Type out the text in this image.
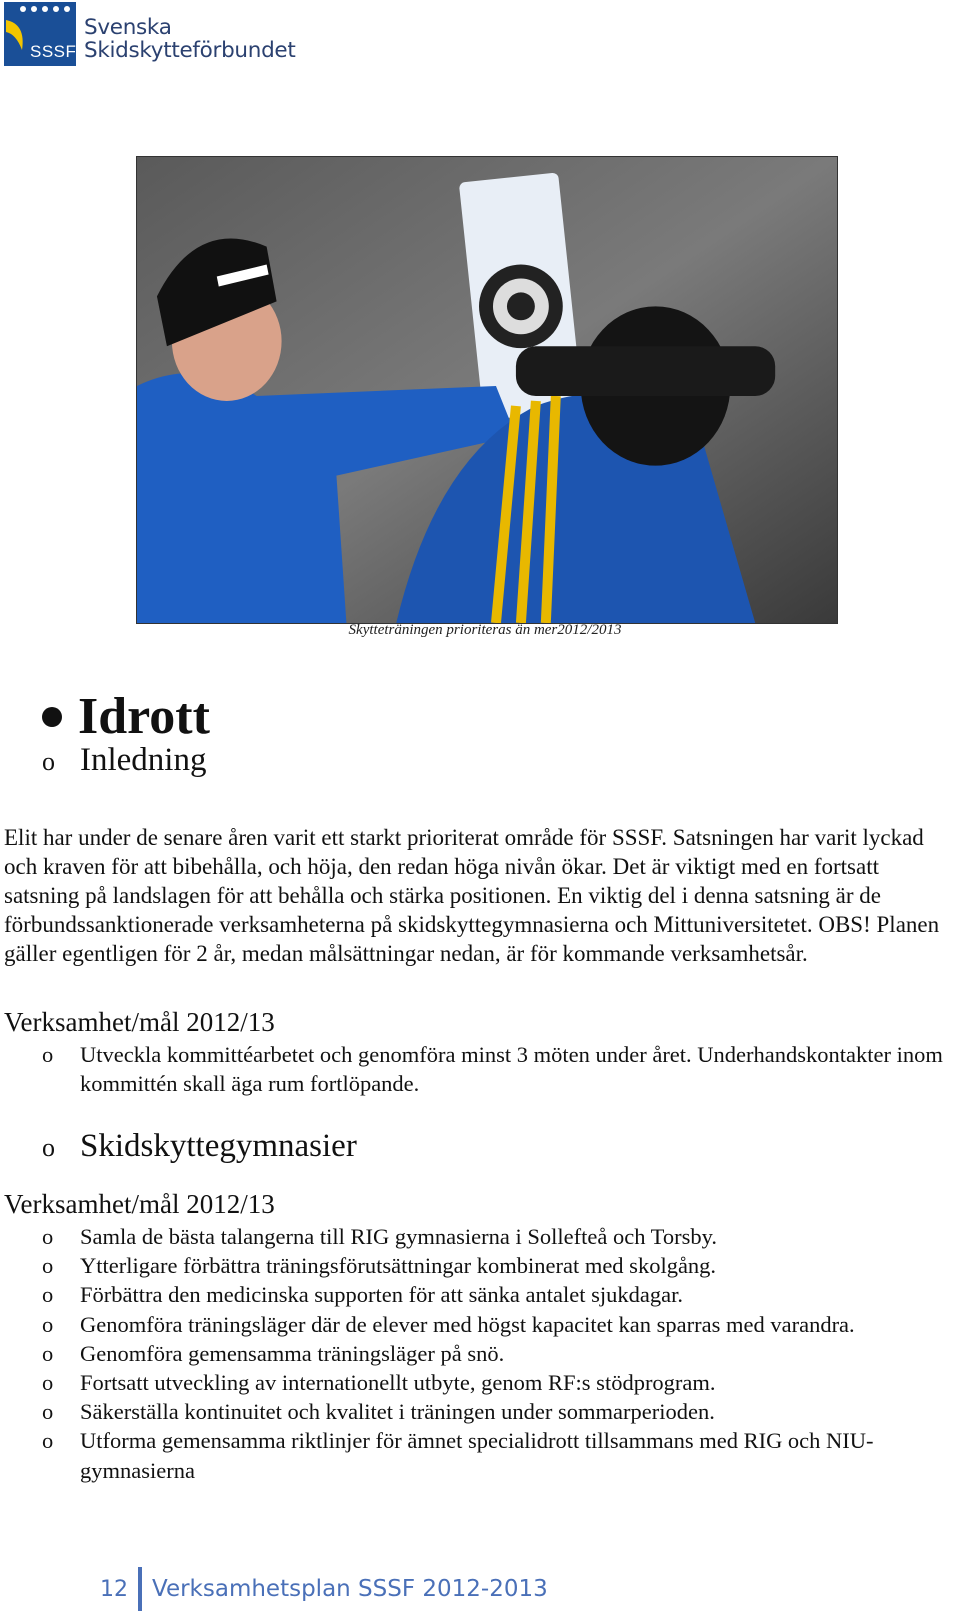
SSSF
Svenska
Skidskytteförbundet
Skytteträningen prioriteras än mer2012/2013
Idrott
o Inledning
Elit har under de senare åren varit ett starkt prioriterat område för SSSF. Satsningen har varit lyckad och kraven för att bibehålla, och höja, den redan höga nivån ökar. Det är viktigt med en fortsatt satsning på landslagen för att behålla och stärka positionen. En viktig del i denna satsning är de förbundssanktionerade verksamheterna på skidskyttegymnasierna och Mittuniversitetet. OBS! Planen gäller egentligen för 2 år, medan målsättningar nedan, är för kommande verksamhetsår.
Verksamhet/mål 2012/13
o Utveckla kommittéarbetet och genomföra minst 3 möten under året. Underhandskontakter inom kommittén skall äga rum fortlöpande.
o Skidskyttegymnasier
Verksamhet/mål 2012/13
o Samla de bästa talangerna till RIG gymnasierna i Sollefteå och Torsby.
o Ytterligare förbättra träningsförutsättningar kombinerat med skolgång.
o Förbättra den medicinska supporten för att sänka antalet sjukdagar.
o Genomföra träningsläger där de elever med högst kapacitet kan sparras med varandra.
o Genomföra gemensamma träningsläger på snö.
o Fortsatt utveckling av internationellt utbyte, genom RF:s stödprogram.
o Säkerställa kontinuitet och kvalitet i träningen under sommarperioden.
o Utforma gemensamma riktlinjer för ämnet specialidrott tillsammans med RIG och NIU-gymnasierna
12 Verksamhetsplan SSSF 2012-2013
